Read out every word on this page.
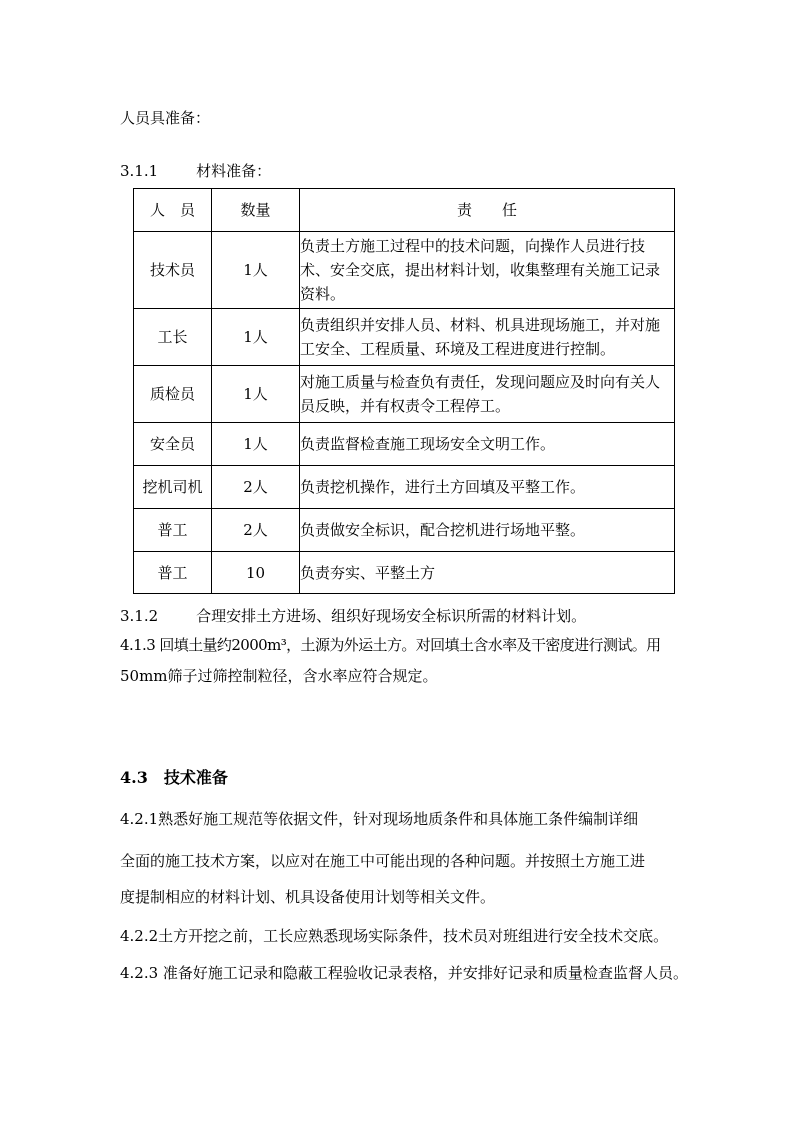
人员具准备：
3.1.1	材料准备：
人　员	数量	责　　任
技术员	1人	负责土方施工过程中的技术问题，向操作人员进行技术、安全交底，提出材料计划，收集整理有关施工记录资料。
工长	1人	负责组织并安排人员、材料、机具进现场施工，并对施工安全、工程质量、环境及工程进度进行控制。
质检员	1人	对施工质量与检查负有责任，发现问题应及时向有关人员反映，并有权责令工程停工。
安全员	1人	负责监督检查施工现场安全文明工作。
挖机司机	2人	负责挖机操作，进行土方回填及平整工作。
普工	2人	负责做安全标识，配合挖机进行场地平整。
普工	10	负责夯实、平整土方
3.1.2	合理安排土方进场、组织好现场安全标识所需的材料计划。
4.1.3 回填土量约2000m³，土源为外运土方。对回填土含水率及干密度进行测试。用
50mm筛子过筛控制粒径，含水率应符合规定。
4.3　技术准备
4.2.1熟悉好施工规范等依据文件，针对现场地质条件和具体施工条件编制详细
全面的施工技术方案，以应对在施工中可能出现的各种问题。并按照土方施工进
度提制相应的材料计划、机具设备使用计划等相关文件。
4.2.2土方开挖之前，工长应熟悉现场实际条件，技术员对班组进行安全技术交底。
4.2.3 准备好施工记录和隐蔽工程验收记录表格，并安排好记录和质量检查监督人员。
